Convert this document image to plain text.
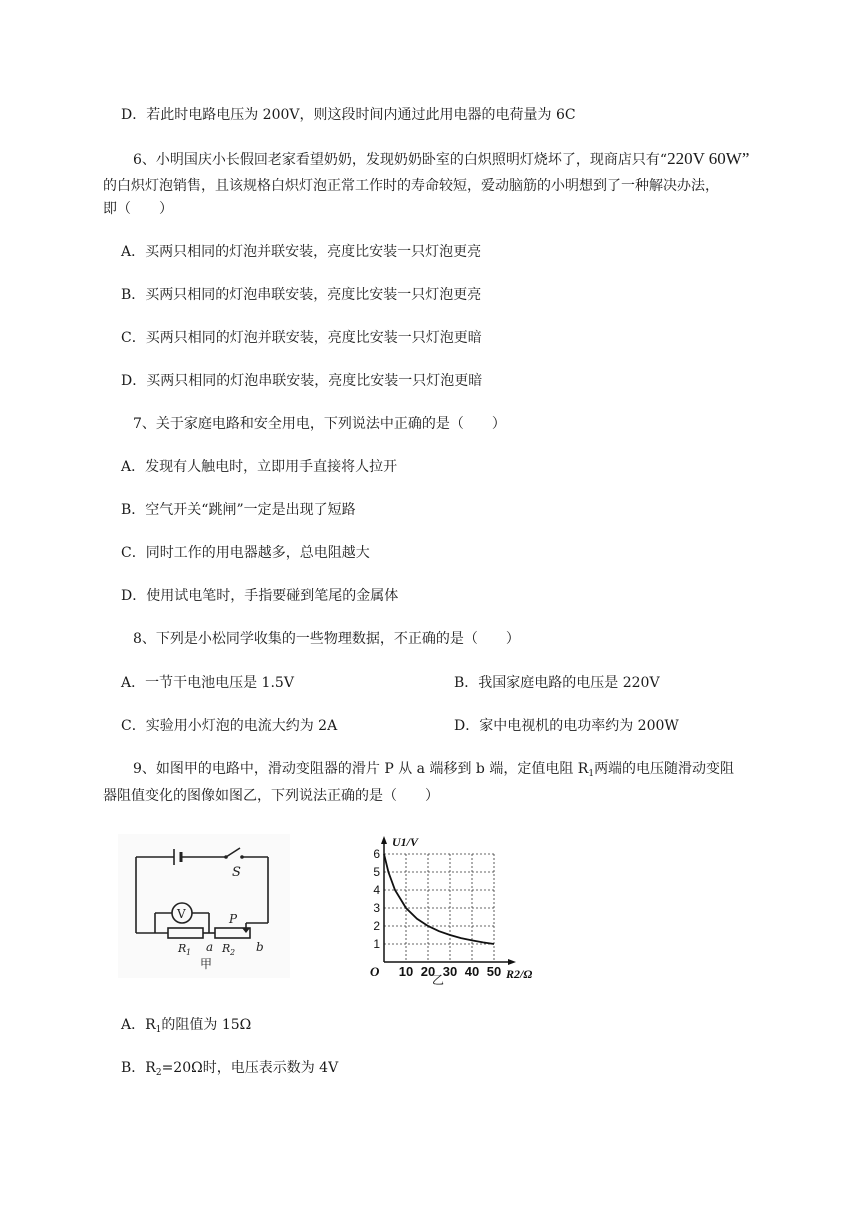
D．若此时电路电压为 200V，则这段时间内通过此用电器的电荷量为 6C
6、小明国庆小长假回老家看望奶奶，发现奶奶卧室的白炽照明灯烧坏了，现商店只有“220V 60W”
的白炽灯泡销售，且该规格白炽灯泡正常工作时的寿命较短，爱动脑筋的小明想到了一种解决办法，
即（　　）
A．买两只相同的灯泡并联安装，亮度比安装一只灯泡更亮
B．买两只相同的灯泡串联安装，亮度比安装一只灯泡更亮
C．买两只相同的灯泡并联安装，亮度比安装一只灯泡更暗
D．买两只相同的灯泡串联安装，亮度比安装一只灯泡更暗
7、关于家庭电路和安全用电，下列说法中正确的是（　　）
A．发现有人触电时，立即用手直接将人拉开
B．空气开关“跳闸”一定是出现了短路
C．同时工作的用电器越多，总电阻越大
D．使用试电笔时，手指要碰到笔尾的金属体
8、下列是小松同学收集的一些物理数据，不正确的是（　　）
A．一节干电池电压是 1.5V	B．我国家庭电路的电压是 220V
C．实验用小灯泡的电流大约为 2A	D．家中电视机的电功率约为 200W
9、如图甲的电路中，滑动变阻器的滑片 P 从 a 端移到 b 端，定值电阻 $R_1$两端的电压随滑动变阻
器阻值变化的图像如图乙，下列说法正确的是（　　）
S
V	P
R 1	R 2
a	b
甲	10 20 30 40 50
1
2
3
4
5
6
O
U1/V
R2/Ω
乙
A．$R_1$的阻值为 15Ω
B．$R_2=20\Omega$时，电压表示数为 4V
